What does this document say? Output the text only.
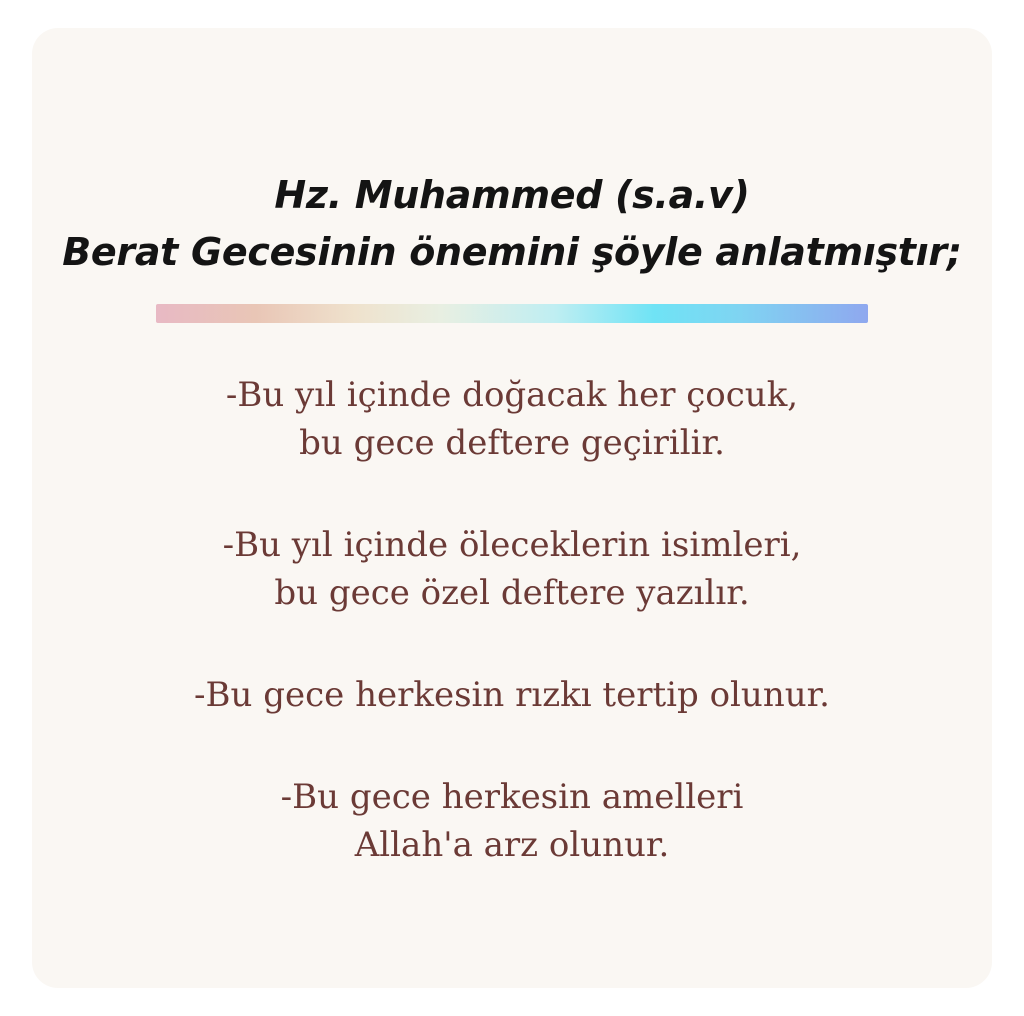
Hz. Muhammed (s.a.v)
Berat Gecesinin önemini şöyle anlatmıştır;
-Bu yıl içinde doğacak her çocuk,
bu gece deftere geçirilir.
-Bu yıl içinde öleceklerin isimleri,
bu gece özel deftere yazılır.
-Bu gece herkesin rızkı tertip olunur.
-Bu gece herkesin amelleri
Allah'a arz olunur.
